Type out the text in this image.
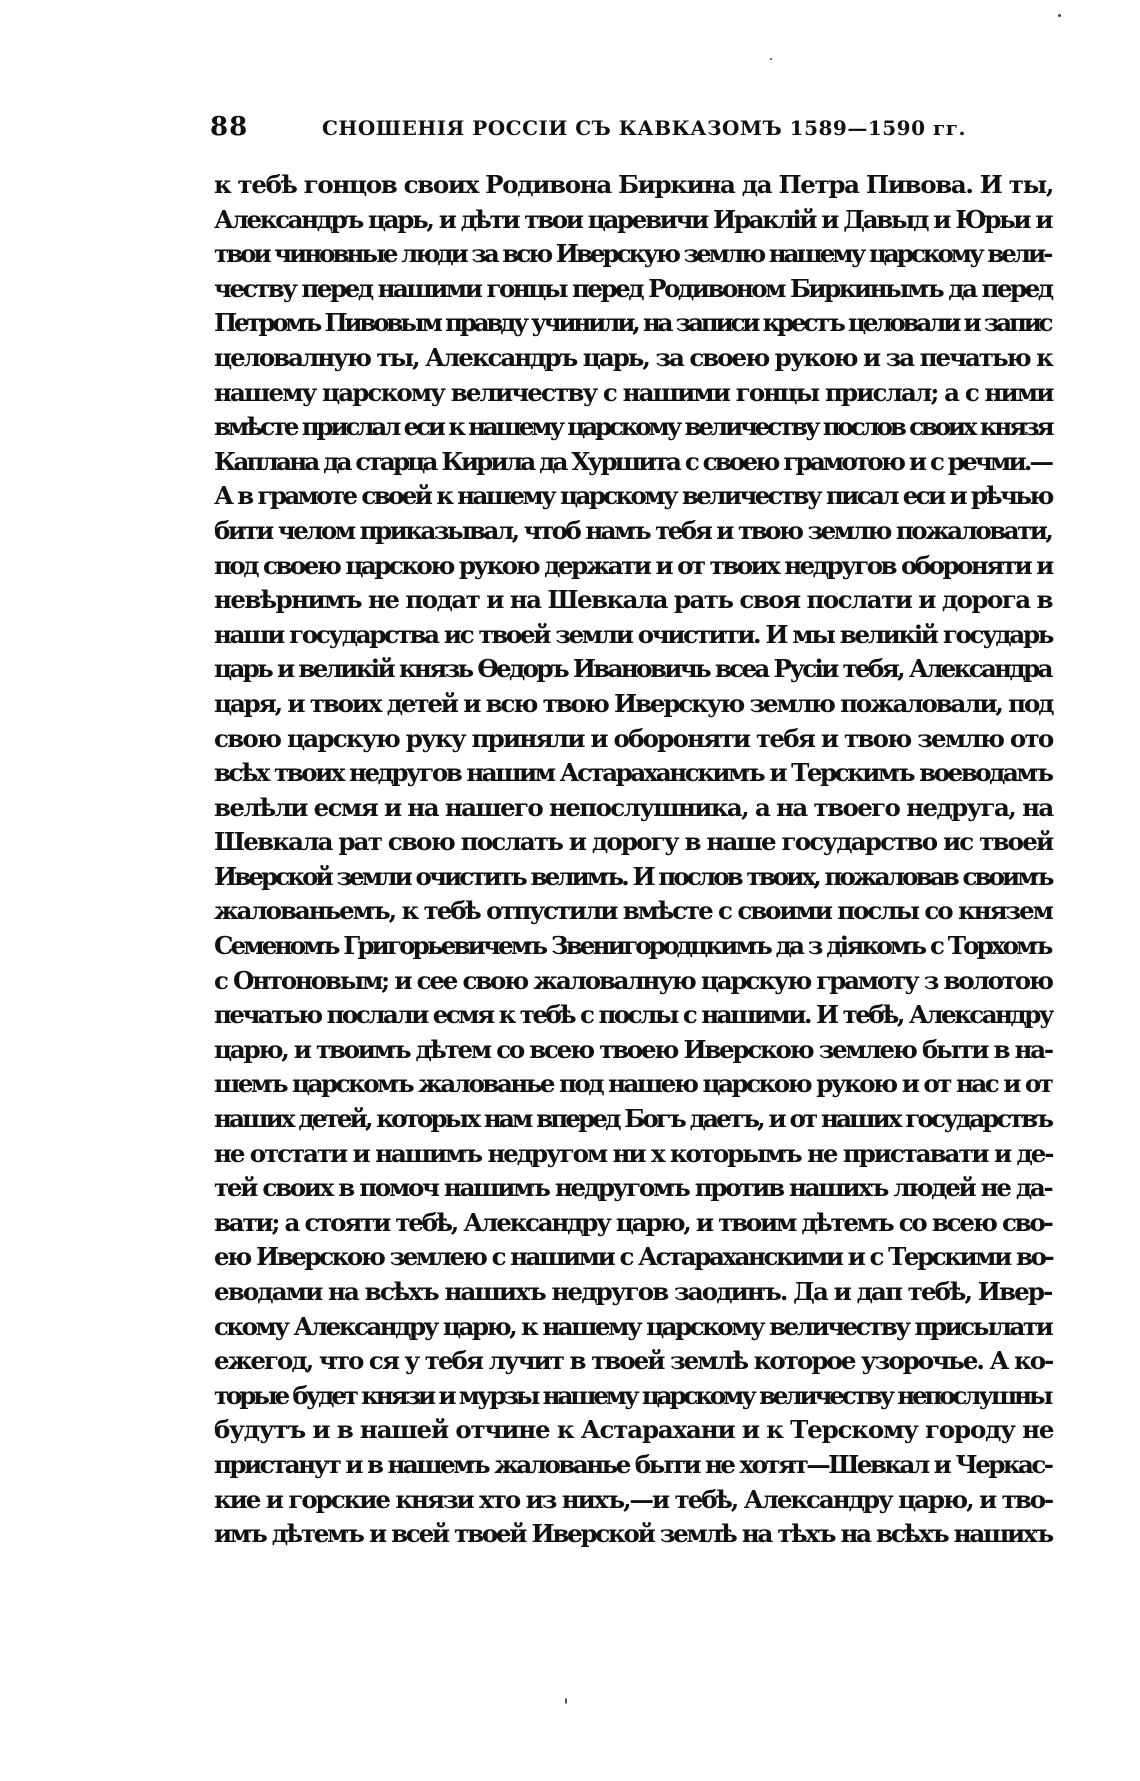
88	СНОШЕНІЯ РОССІИ СЪ КАВКАЗОМЪ 1589—1590 гг.
к тебѣ гонцов своих Родивона Биркина да Петра Пивова. И ты,
Александръ царь, и дѣти твои царевичи Ираклій и Давыд и Юрьи и
твои чиновные люди за всю Иверскую землю нашему царскому вели-
честву перед нашими гонцы перед Родивоном Биркинымъ да перед
Петромъ Пивовым правду учинили, на записи крестъ целовали и запис
целовалную ты, Александръ царь, за своею рукою и за печатью к
нашему царскому величеству с нашими гонцы прислал; а с ними
вмѣсте прислал еси к нашему царскому величеству послов своих князя
Каплана да старца Кирила да Хуршита с своею грамотою и с речми.—
А в грамоте своей к нашему царскому величеству писал еси и рѣчью
бити челом приказывал, чтоб намъ тебя и твою землю пожаловати,
под своею царскою рукою держати и от твоих недругов обороняти и
невѣрнимъ не подат и на Шевкала рать своя послати и дорога в
наши государства ис твоей земли очистити. И мы великій государь
царь и великій князь Ѳедоръ Ивановичь всеа Русіи тебя, Александра
царя, и твоих детей и всю твою Иверскую землю пожаловали, под
свою царскую руку приняли и обороняти тебя и твою землю ото
всѣх твоих недругов нашим Астараханскимъ и Терскимъ воеводамъ
велѣли есмя и на нашего непослушника, а на твоего недруга, на
Шевкала рат свою послать и дорогу в наше государство ис твоей
Иверской земли очистить велимъ. И послов твоих, пожаловав своимъ
жалованьемъ, к тебѣ отпустили вмѣсте с своими послы со князем
Семеномъ Григорьевичемъ Звенигородцкимъ да з діякомъ с Торхомъ
с Онтоновым; и сее свою жаловалную царскую грамоту з волотою
печатью послали есмя к тебѣ с послы с нашими. И тебѣ, Александру
царю, и твоимъ дѣтем со всею твоею Иверскою землею быти в на-
шемъ царскомъ жалованье под нашею царскою рукою и от нас и от
наших детей, которых нам вперед Богъ даетъ, и от наших государствъ
не отстати и нашимъ недругом ни х которымъ не приставати и де-
тей своих в помоч нашимъ недругомъ против нашихъ людей не да-
вати; а стояти тебѣ, Александру царю, и твоим дѣтемъ со всею сво-
ею Иверскою землею с нашими с Астараханскими и с Терскими во-
еводами на всѣхъ нашихъ недругов заодинъ. Да и дап тебѣ, Ивер-
скому Александру царю, к нашему царскому величеству присылати
ежегод, что ся у тебя лучит в твоей землѣ которое узорочье. А ко-
торые будет князи и мурзы нашему царскому величеству непослушны
будутъ и в нашей отчине к Астарахани и к Терскому городу не
пристанут и в нашемъ жалованье быти не хотят—Шевкал и Черкас-
кие и горские князи хто из нихъ,—и тебѣ, Александру царю, и тво-
имъ дѣтемъ и всей твоей Иверской землѣ на тѣхъ на всѣхъ нашихъ
